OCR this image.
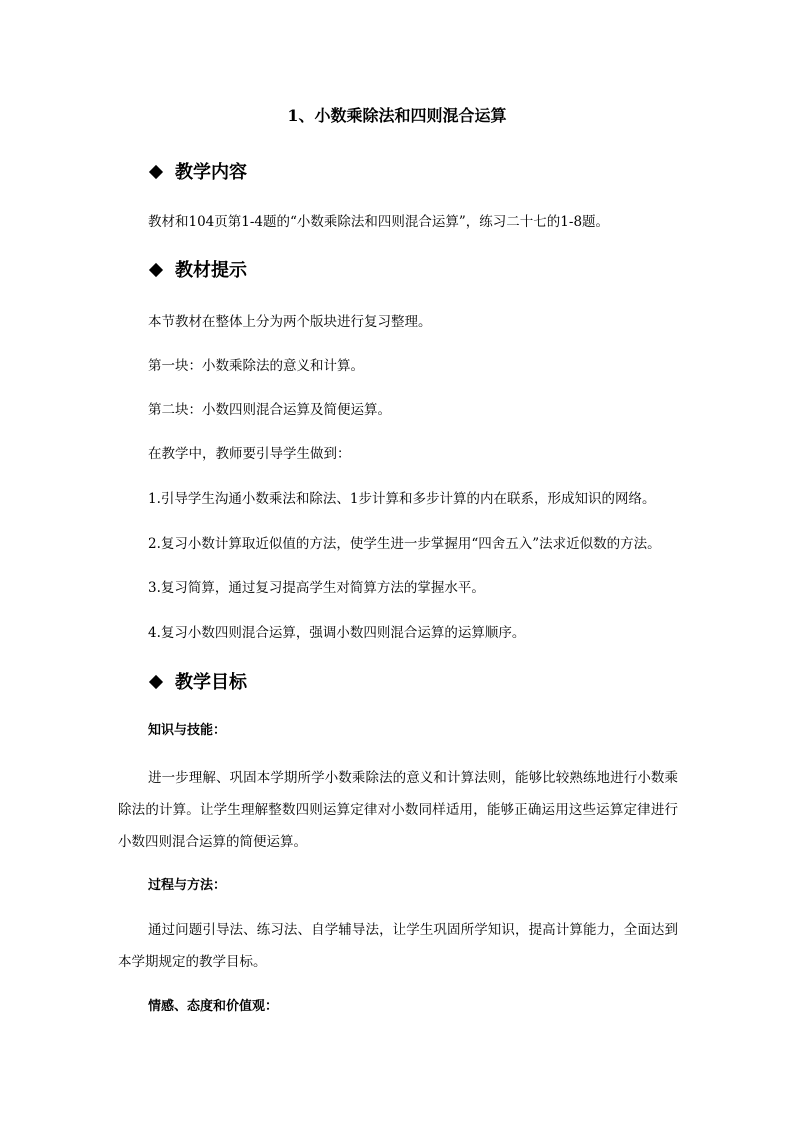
1、小数乘除法和四则混合运算
教学内容
教材和104页第1-4题的“小数乘除法和四则混合运算”，练习二十七的1-8题。
教材提示
本节教材在整体上分为两个版块进行复习整理。
第一块：小数乘除法的意义和计算。
第二块：小数四则混合运算及简便运算。
在教学中，教师要引导学生做到：
1.引导学生沟通小数乘法和除法、1步计算和多步计算的内在联系，形成知识的网络。
2.复习小数计算取近似值的方法，使学生进一步掌握用“四舍五入”法求近似数的方法。
3.复习简算，通过复习提高学生对简算方法的掌握水平。
4.复习小数四则混合运算，强调小数四则混合运算的运算顺序。
教学目标
知识与技能：
进一步理解、巩固本学期所学小数乘除法的意义和计算法则，能够比较熟练地进行小数乘除法的计算。让学生理解整数四则运算定律对小数同样适用，能够正确运用这些运算定律进行小数四则混合运算的简便运算。
过程与方法：
通过问题引导法、练习法、自学辅导法，让学生巩固所学知识，提高计算能力，全面达到本学期规定的教学目标。
情感、态度和价值观：
